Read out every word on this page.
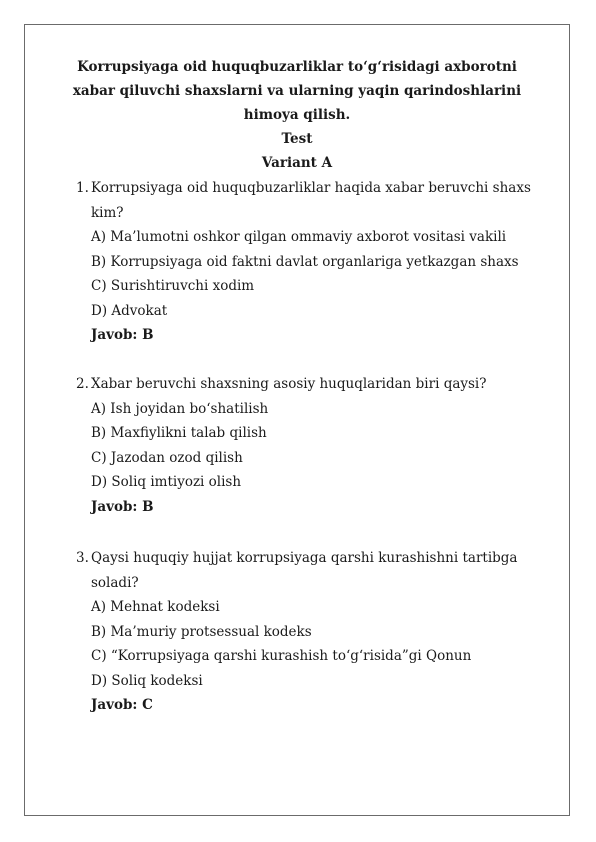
Korrupsiyaga oid huquqbuzarliklar to‘g‘risidagi axborotni
xabar qiluvchi shaxslarni va ularning yaqin qarindoshlarini
himoya qilish.
Test
Variant A
1. Korrupsiyaga oid huquqbuzarliklar haqida xabar beruvchi shaxs
kim?
A) Ma’lumotni oshkor qilgan ommaviy axborot vositasi vakili
B) Korrupsiyaga oid faktni davlat organlariga yetkazgan shaxs
C) Surishtiruvchi xodim
D) Advokat
Javob: B
2. Xabar beruvchi shaxsning asosiy huquqlaridan biri qaysi?
A) Ish joyidan bo‘shatilish
B) Maxfiylikni talab qilish
C) Jazodan ozod qilish
D) Soliq imtiyozi olish
Javob: B
3. Qaysi huquqiy hujjat korrupsiyaga qarshi kurashishni tartibga
soladi?
A) Mehnat kodeksi
B) Ma’muriy protsessual kodeks
C) “Korrupsiyaga qarshi kurashish to‘g‘risida”gi Qonun
D) Soliq kodeksi
Javob: C
